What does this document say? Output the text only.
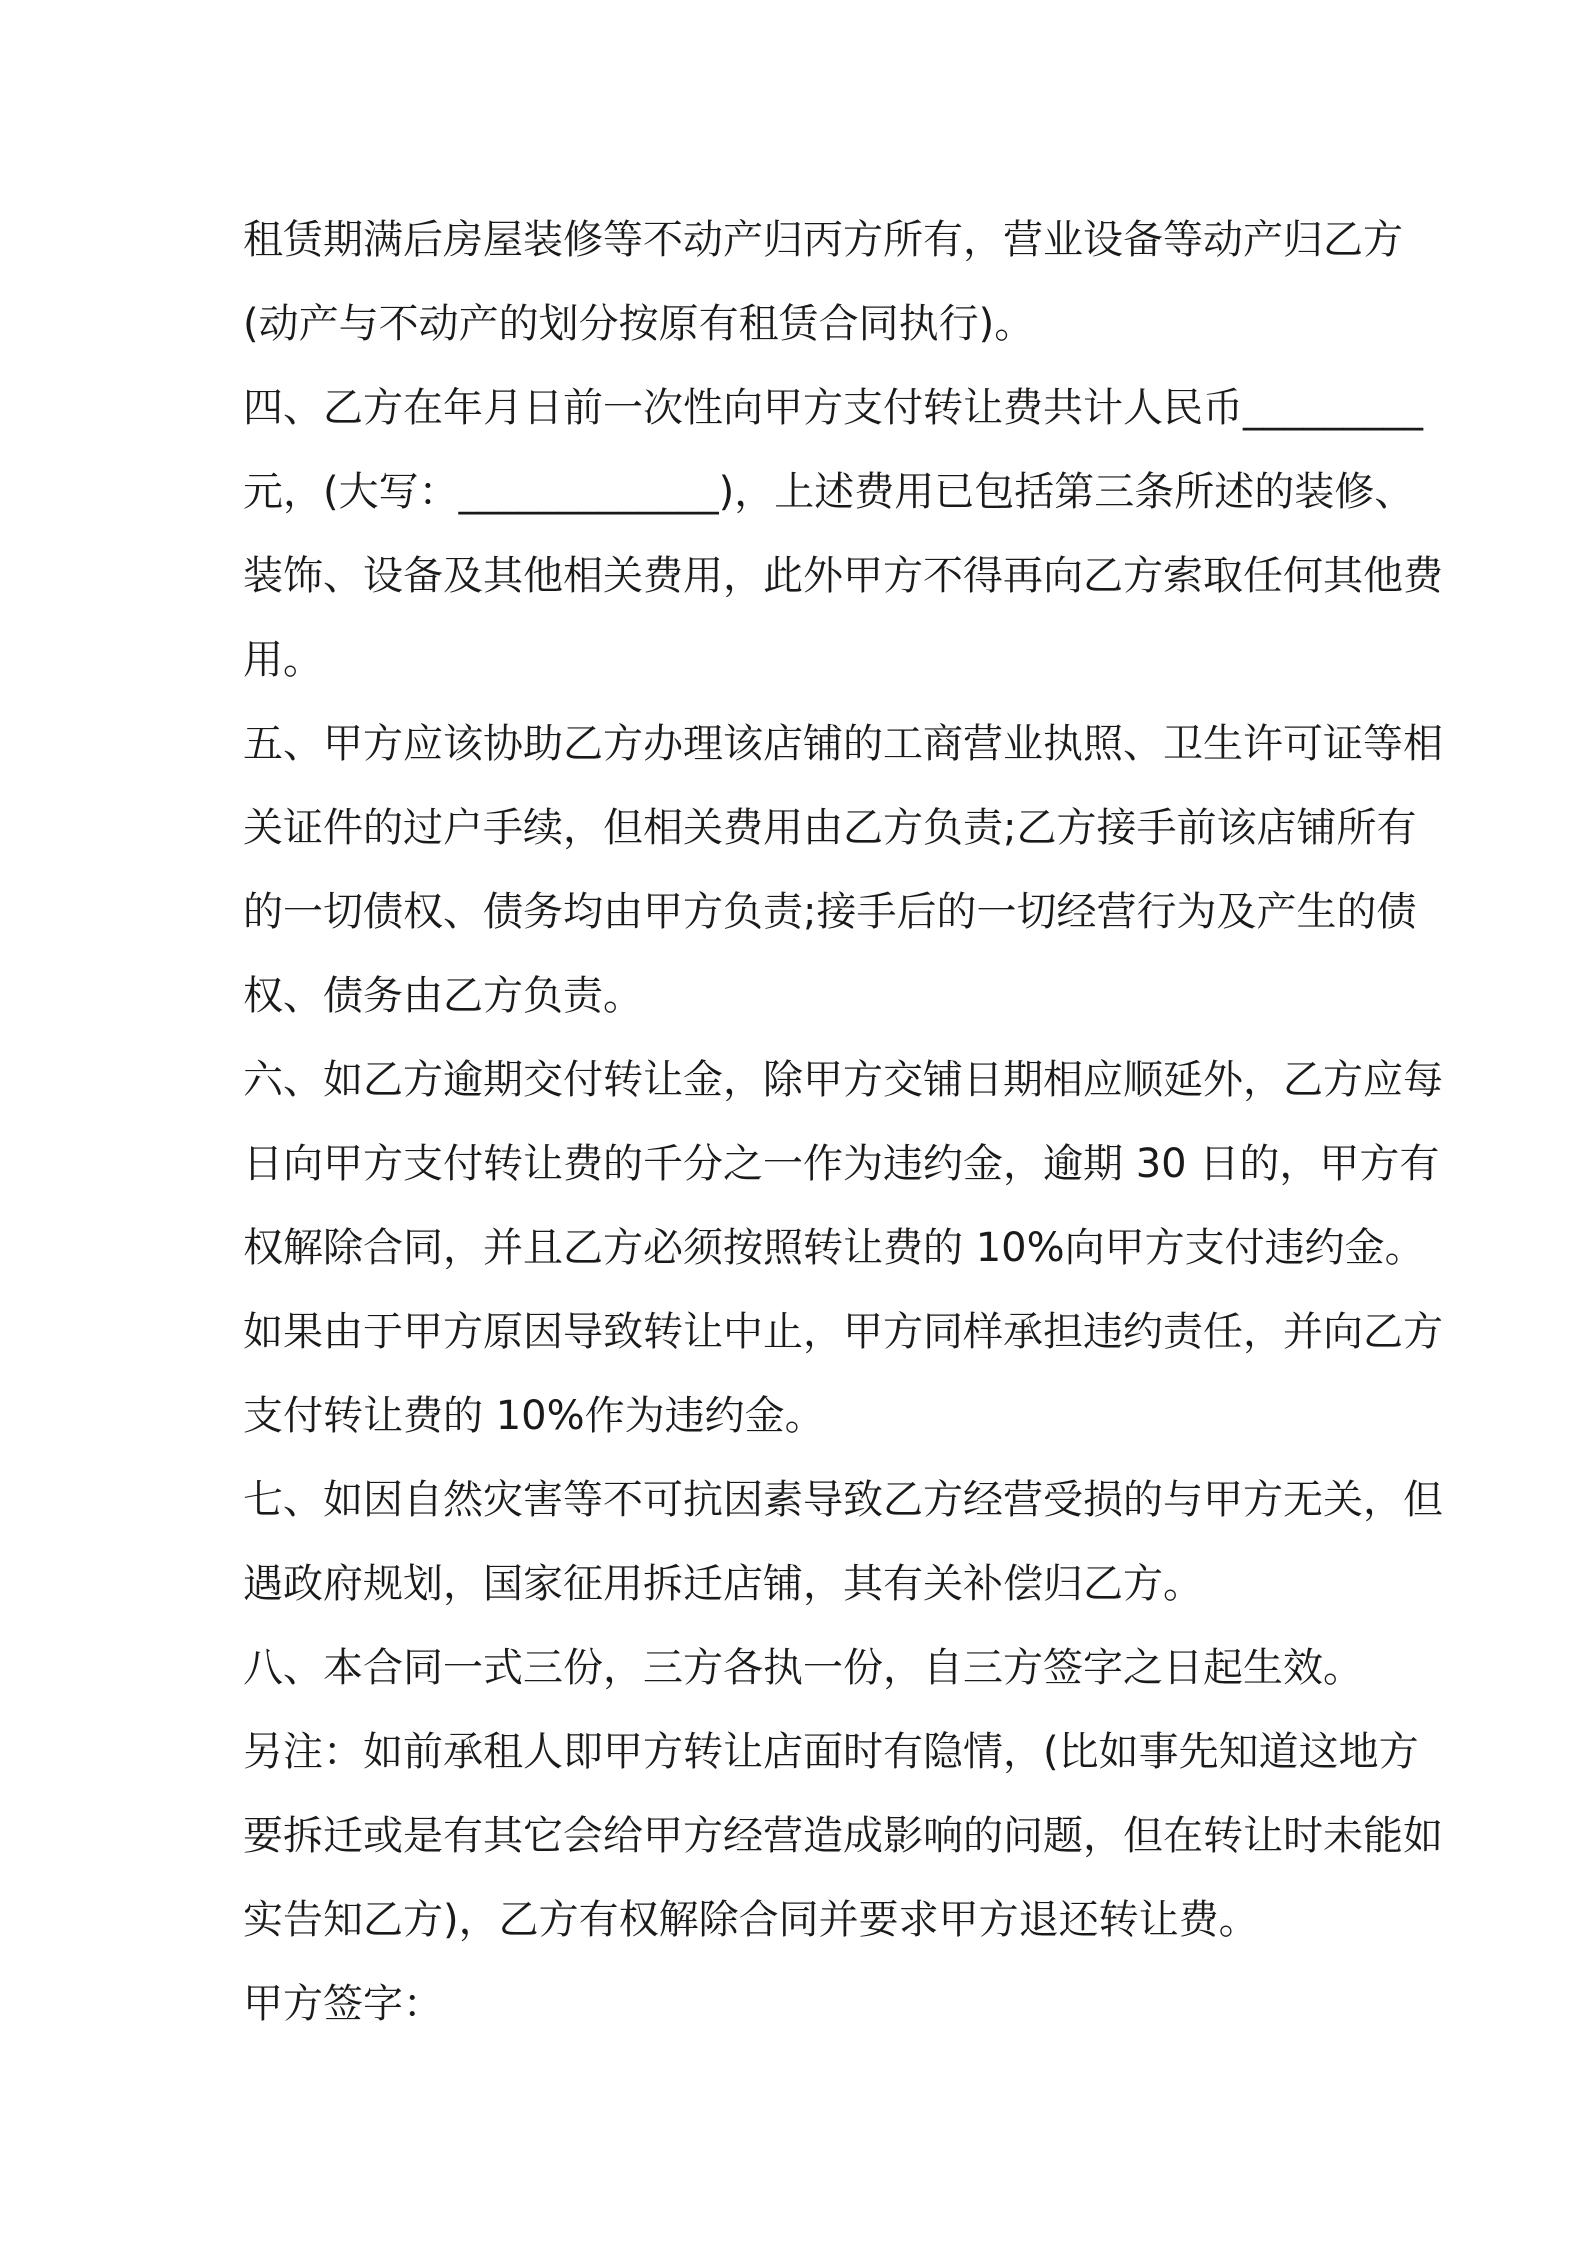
租赁期满后房屋装修等不动产归丙方所有，营业设备等动产归乙方
(动产与不动产的划分按原有租赁合同执行)。
四、乙方在年月日前一次性向甲方支付转让费共计人民币_________
元，(大写：_____________)，上述费用已包括第三条所述的装修、
装饰、设备及其他相关费用，此外甲方不得再向乙方索取任何其他费
用。
五、甲方应该协助乙方办理该店铺的工商营业执照、卫生许可证等相
关证件的过户手续，但相关费用由乙方负责;乙方接手前该店铺所有
的一切债权、债务均由甲方负责;接手后的一切经营行为及产生的债
权、债务由乙方负责。
六、如乙方逾期交付转让金，除甲方交铺日期相应顺延外，乙方应每
日向甲方支付转让费的千分之一作为违约金，逾期 30 日的，甲方有
权解除合同，并且乙方必须按照转让费的 10%向甲方支付违约金。
如果由于甲方原因导致转让中止，甲方同样承担违约责任，并向乙方
支付转让费的 10%作为违约金。
七、如因自然灾害等不可抗因素导致乙方经营受损的与甲方无关，但
遇政府规划，国家征用拆迁店铺，其有关补偿归乙方。
八、本合同一式三份，三方各执一份，自三方签字之日起生效。
另注：如前承租人即甲方转让店面时有隐情，(比如事先知道这地方
要拆迁或是有其它会给甲方经营造成影响的问题，但在转让时未能如
实告知乙方)，乙方有权解除合同并要求甲方退还转让费。
甲方签字：
